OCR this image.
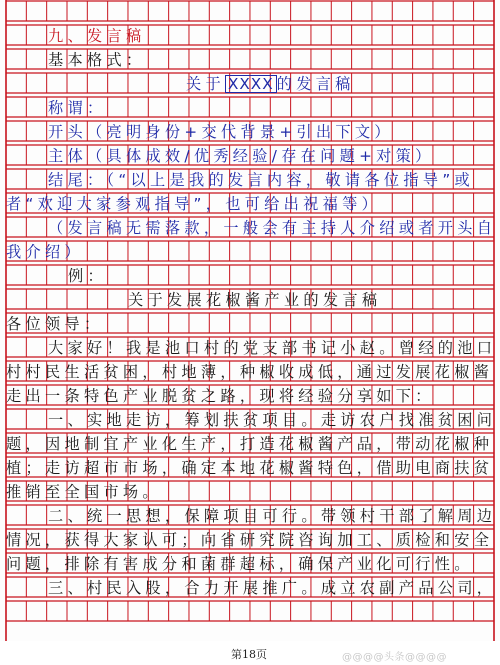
九、发言稿
基本格式：
关于 XXXX 的发言稿
称谓：
开头（亮明身份+交代背景+引出下文）
主体（具体成效/优秀经验/存在问题+对策）
结尾：（“以上是我的发言内容，敬请各位指导”或
者“欢迎大家参观指导”，也可给出祝福等）
（发言稿无需落款，一般会有主持人介绍或者开头自
我介绍）
例：
关于发展花椒酱产业的发言稿
各位领导：
大家好！我是池口村的党支部书记小赵。曾经的池口
村村民生活贫困，村地薄，种椒收成低，通过发展花椒酱
走出一条特色产业脱贫之路，现将经验分享如下：
一、实地走访，筹划扶贫项目。走访农户找准贫困问
题，因地制宜产业化生产，打造花椒酱产品，带动花椒种
植；走访超市市场，确定本地花椒酱特色，借助电商扶贫
推销至全国市场。
二、统一思想，保障项目可行。带领村干部了解周边
情况，获得大家认可；向省研究院咨询加工、质检和安全
问题，排除有害成分和菌群超标，确保产业化可行性。
三、村民入股，合力开展推广。成立农副产品公司，
第18页	@@@@头条@@@@
